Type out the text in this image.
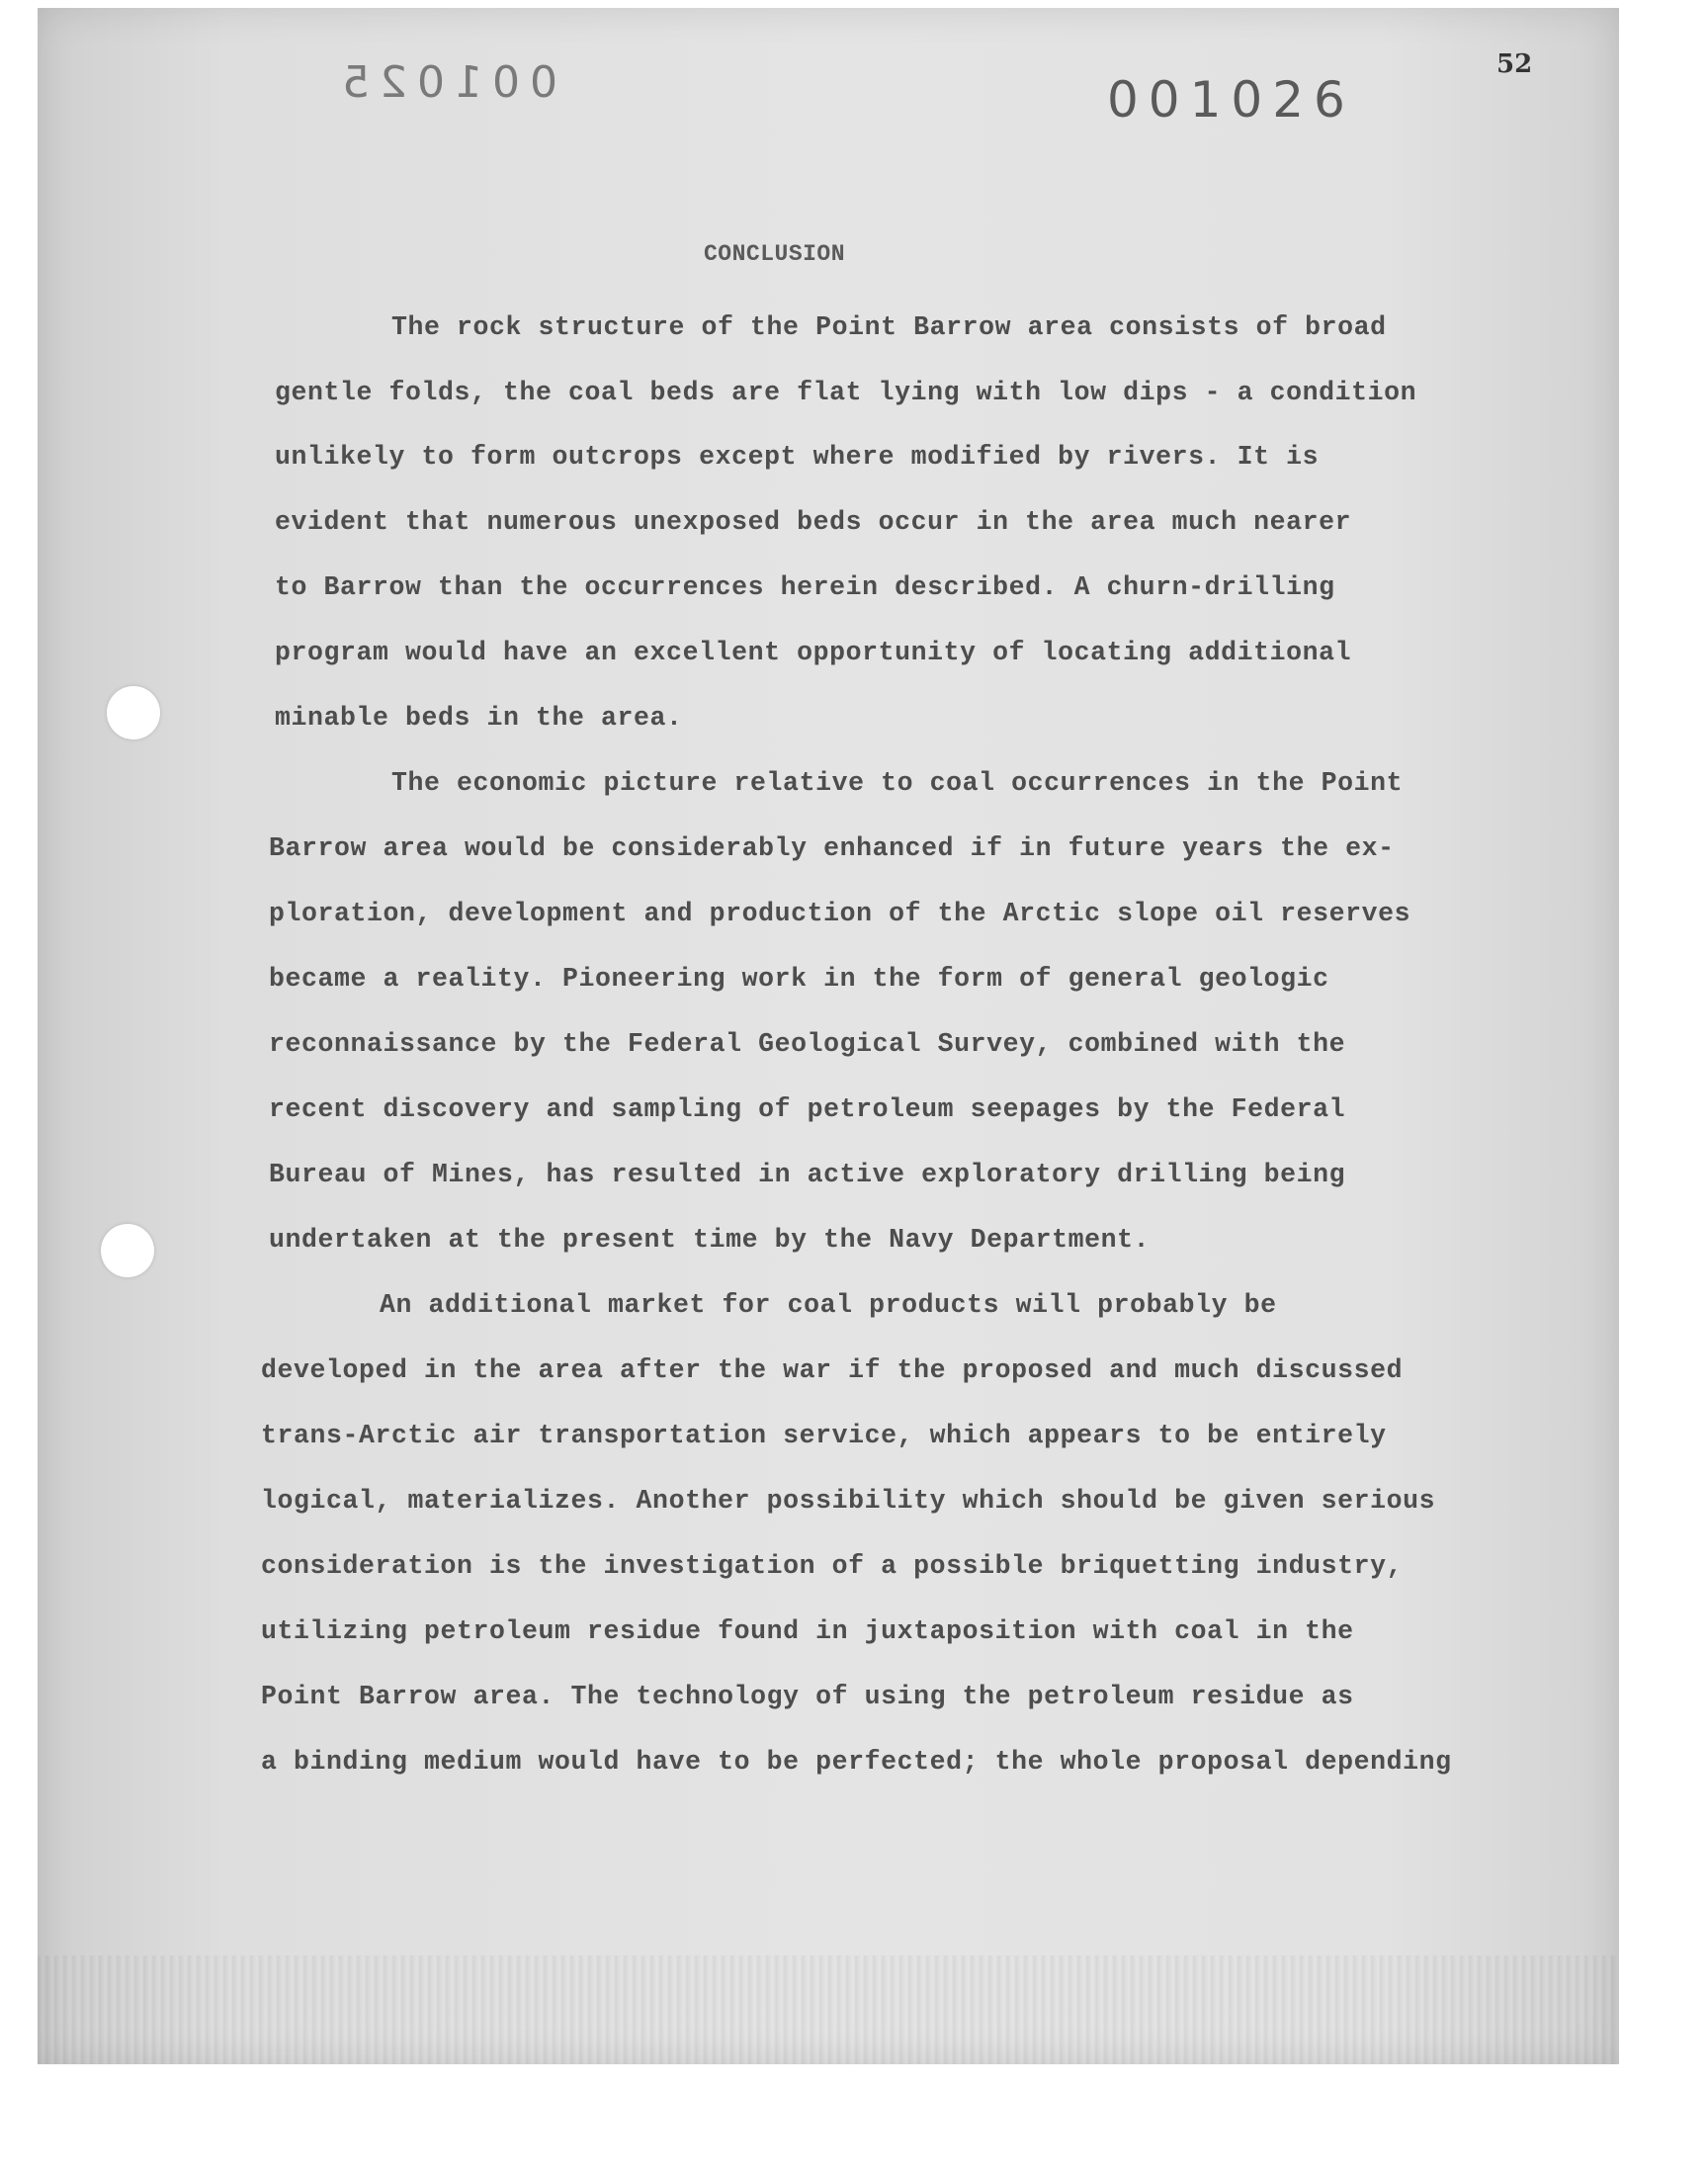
001025	001026
52
CONCLUSION
The rock structure of the Point Barrow area consists of broad
gentle folds, the coal beds are flat lying with low dips - a condition
unlikely to form outcrops except where modified by rivers. It is
evident that numerous unexposed beds occur in the area much nearer
to Barrow than the occurrences herein described. A churn-drilling
program would have an excellent opportunity of locating additional
minable beds in the area.
The economic picture relative to coal occurrences in the Point
Barrow area would be considerably enhanced if in future years the ex-
ploration, development and production of the Arctic slope oil reserves
became a reality. Pioneering work in the form of general geologic
reconnaissance by the Federal Geological Survey, combined with the
recent discovery and sampling of petroleum seepages by the Federal
Bureau of Mines, has resulted in active exploratory drilling being
undertaken at the present time by the Navy Department.
An additional market for coal products will probably be
developed in the area after the war if the proposed and much discussed
trans-Arctic air transportation service, which appears to be entirely
logical, materializes. Another possibility which should be given serious
consideration is the investigation of a possible briquetting industry,
utilizing petroleum residue found in juxtaposition with coal in the
Point Barrow area. The technology of using the petroleum residue as
a binding medium would have to be perfected; the whole proposal depending
